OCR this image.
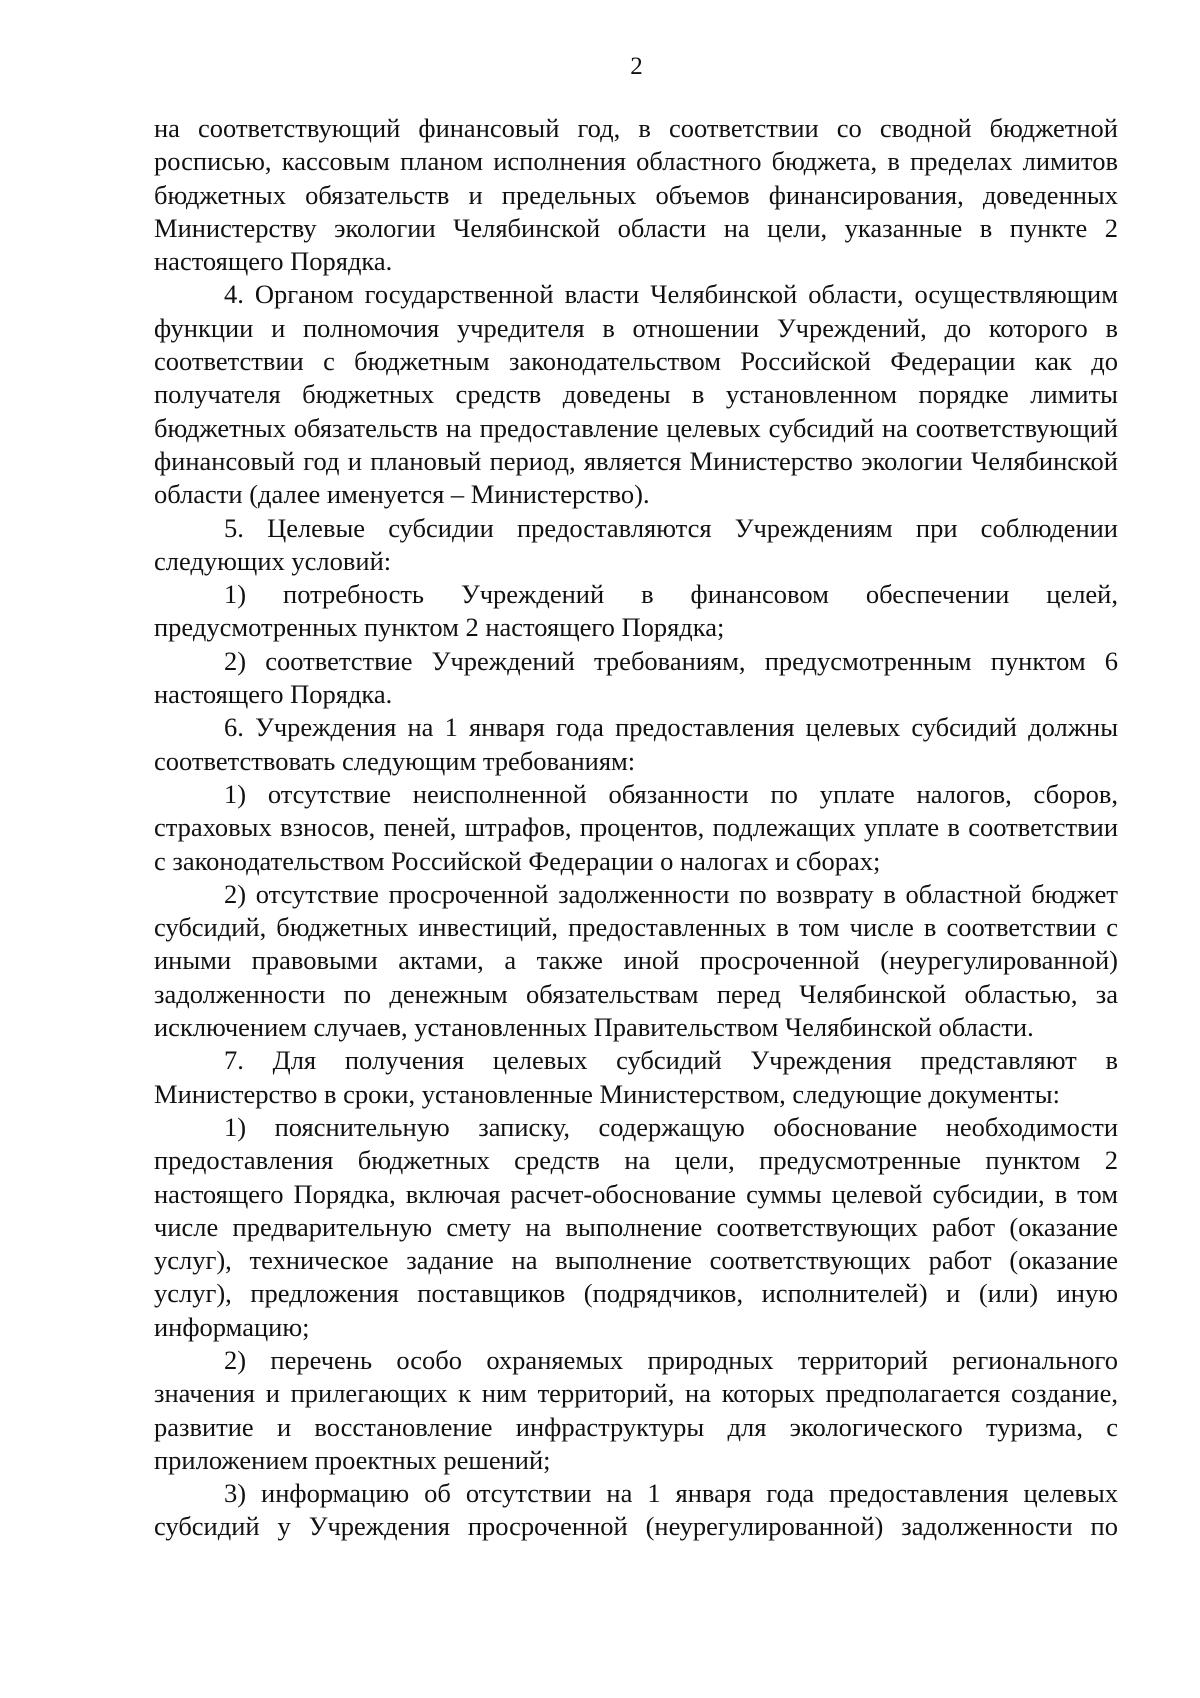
2

на соответствующий финансовый год, в соответствии со сводной бюджетной росписью, кассовым планом исполнения областного бюджета, в пределах лимитов бюджетных обязательств и предельных объемов финансирования, доведенных Министерству экологии Челябинской области на цели, указанные в пункте 2 настоящего Порядка.

4. Органом государственной власти Челябинской области, осуществляющим функции и полномочия учредителя в отношении Учреждений, до которого в соответствии с бюджетным законодательством Российской Федерации как до получателя бюджетных средств доведены в установленном порядке лимиты бюджетных обязательств на предоставление целевых субсидий на соответствующий финансовый год и плановый период, является Министерство экологии Челябинской области (далее именуется – Министерство).

5. Целевые субсидии предоставляются Учреждениям при соблюдении следующих условий:

1) потребность Учреждений в финансовом обеспечении целей, предусмотренных пунктом 2 настоящего Порядка;

2) соответствие Учреждений требованиям, предусмотренным пунктом 6 настоящего Порядка.

6. Учреждения на 1 января года предоставления целевых субсидий должны соответствовать следующим требованиям:

1) отсутствие неисполненной обязанности по уплате налогов, сборов, страховых взносов, пеней, штрафов, процентов, подлежащих уплате в соответствии с законодательством Российской Федерации о налогах и сборах;

2) отсутствие просроченной задолженности по возврату в областной бюджет субсидий, бюджетных инвестиций, предоставленных в том числе в соответствии с иными правовыми актами, а также иной просроченной (неурегулированной) задолженности по денежным обязательствам перед Челябинской областью, за исключением случаев, установленных Правительством Челябинской области.

7. Для получения целевых субсидий Учреждения представляют в Министерство в сроки, установленные Министерством, следующие документы:

1) пояснительную записку, содержащую обоснование необходимости предоставления бюджетных средств на цели, предусмотренные пунктом 2 настоящего Порядка, включая расчет-обоснование суммы целевой субсидии, в том числе предварительную смету на выполнение соответствующих работ (оказание услуг), техническое задание на выполнение соответствующих работ (оказание услуг), предложения поставщиков (подрядчиков, исполнителей) и (или) иную информацию;

2) перечень особо охраняемых природных территорий регионального значения и прилегающих к ним территорий, на которых предполагается создание, развитие и восстановление инфраструктуры для экологического туризма, с приложением проектных решений;

3) информацию об отсутствии на 1 января года предоставления целевых субсидий у Учреждения просроченной (неурегулированной) задолженности по
